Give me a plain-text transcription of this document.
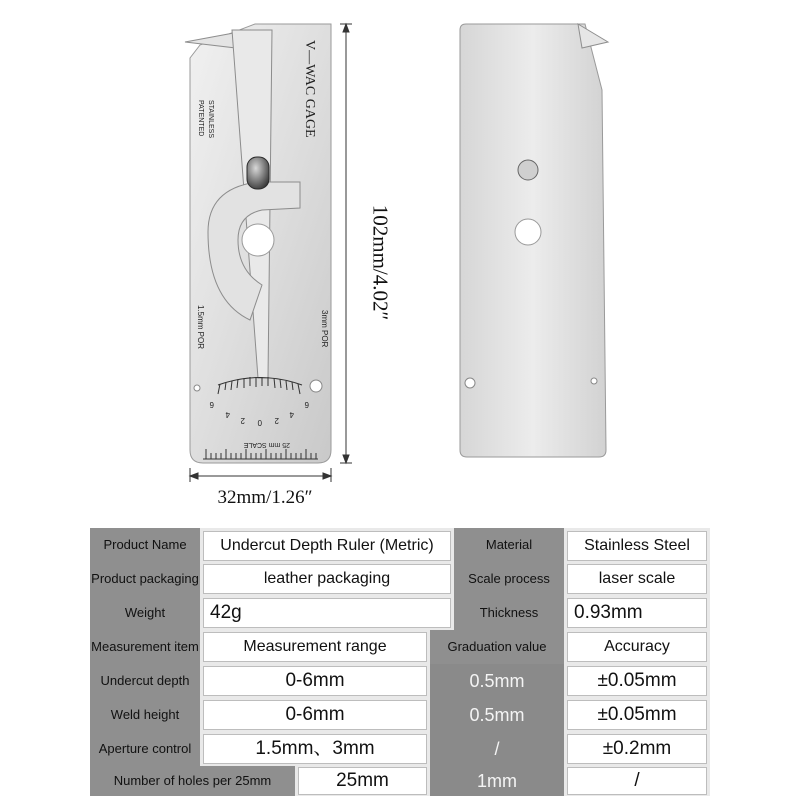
V—WAC GAGE
STAINLESS
PATENTED
1.5mm POR	3mm POR
6
4
2 0 2
4
6
25 mm SCALE
102mm/4.02″
32mm/1.26″
Product Name	Undercut Depth Ruler (Metric)	Material	Stainless Steel
Product packaging	leather packaging	Scale process	laser scale
Weight	42g	Thickness	0.93mm
Measurement item	Measurement range	Graduation value	Accuracy
Undercut depth	0-6mm	0.5mm	±0.05mm
Weld height	0-6mm	0.5mm	±0.05mm
Aperture control	1.5mm、3mm	/	±0.2mm
Number of holes per 25mm	25mm	1mm	/
